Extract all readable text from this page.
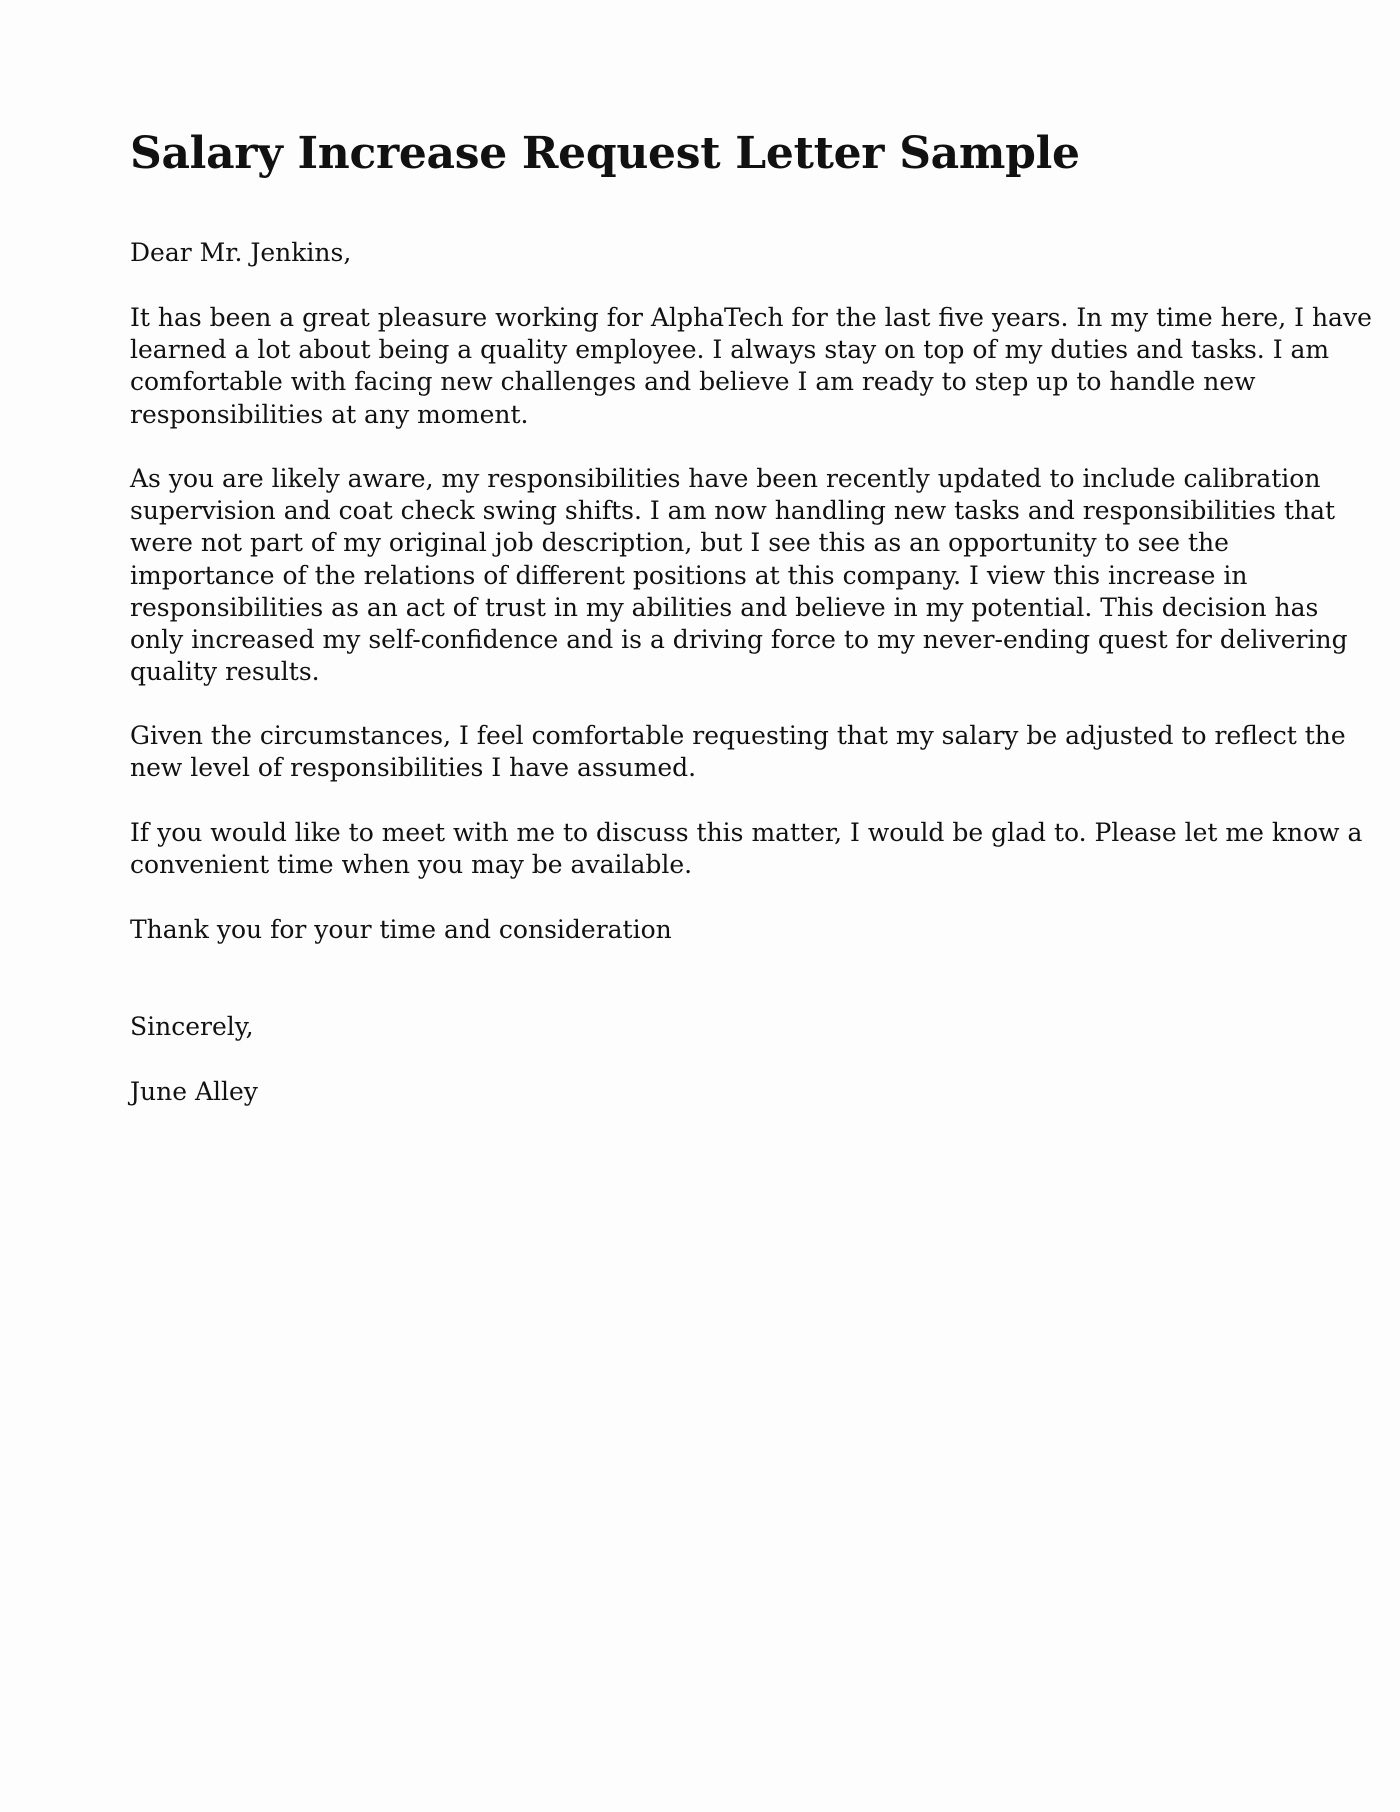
Salary Increase Request Letter Sample

Dear Mr. Jenkins,

It has been a great pleasure working for AlphaTech for the last five years. In my time here, I have
learned a lot about being a quality employee. I always stay on top of my duties and tasks. I am
comfortable with facing new challenges and believe I am ready to step up to handle new
responsibilities at any moment.

As you are likely aware, my responsibilities have been recently updated to include calibration
supervision and coat check swing shifts. I am now handling new tasks and responsibilities that
were not part of my original job description, but I see this as an opportunity to see the
importance of the relations of different positions at this company. I view this increase in
responsibilities as an act of trust in my abilities and believe in my potential. This decision has
only increased my self-confidence and is a driving force to my never-ending quest for delivering
quality results.

Given the circumstances, I feel comfortable requesting that my salary be adjusted to reflect the
new level of responsibilities I have assumed.

If you would like to meet with me to discuss this matter, I would be glad to. Please let me know a
convenient time when you may be available.

Thank you for your time and consideration

Sincerely,

June Alley
